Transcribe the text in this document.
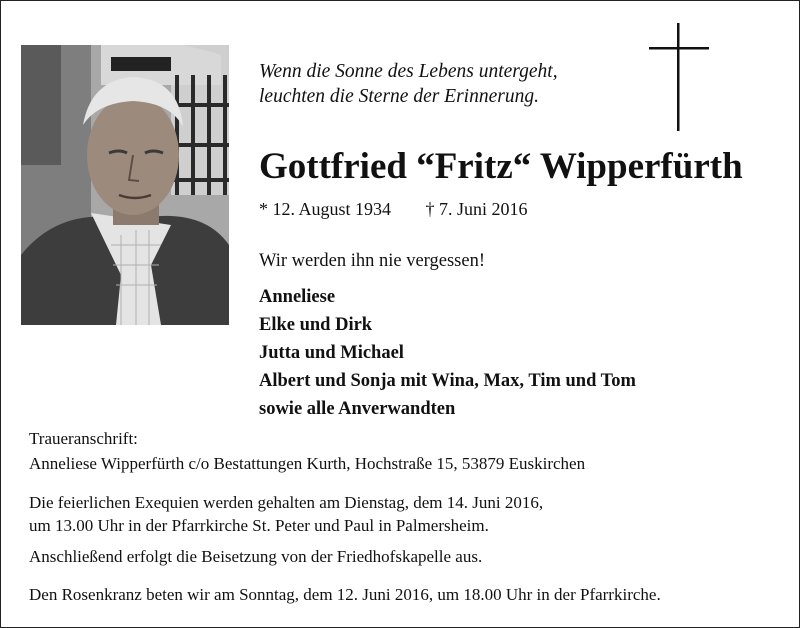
Wenn die Sonne des Lebens untergeht,
leuchten die Sterne der Erinnerung.
Gottfried “Fritz“ Wipperfürth
* 12. August 1934 † 7. Juni 2016
Wir werden ihn nie vergessen!
Anneliese
Elke und Dirk
Jutta und Michael
Albert und Sonja mit Wina, Max, Tim und Tom
sowie alle Anverwandten
Traueranschrift:
Anneliese Wipperfürth c/o Bestattungen Kurth, Hochstraße 15, 53879 Euskirchen
Die feierlichen Exequien werden gehalten am Dienstag, dem 14. Juni 2016,
um 13.00 Uhr in der Pfarrkirche St. Peter und Paul in Palmersheim.
Anschließend erfolgt die Beisetzung von der Friedhofskapelle aus.
Den Rosenkranz beten wir am Sonntag, dem 12. Juni 2016, um 18.00 Uhr in der Pfarrkirche.
